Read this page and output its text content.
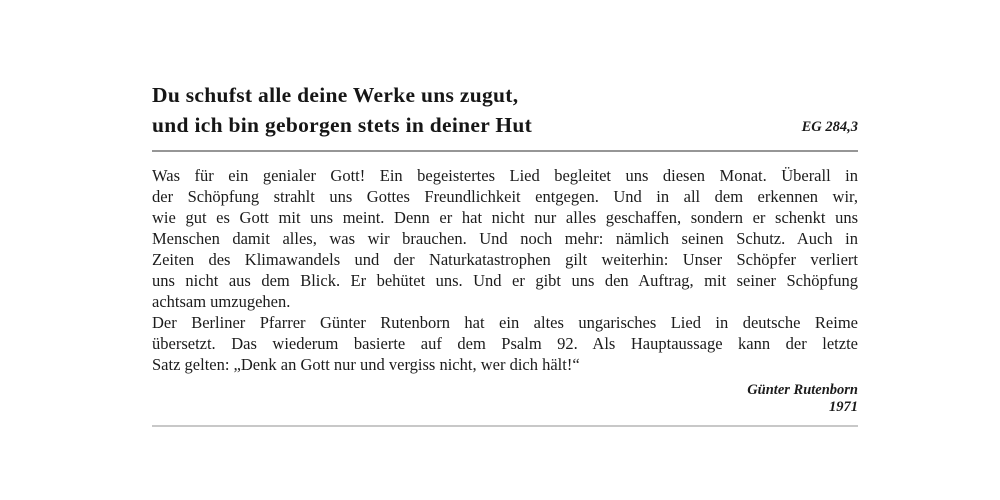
Du schufst alle deine Werke uns zugut,
und ich bin geborgen stets in deiner Hut	EG 284,3
Was für ein genialer Gott! Ein begeistertes Lied begleitet uns diesen Monat. Überall in
der Schöpfung strahlt uns Gottes Freundlichkeit entgegen. Und in all dem erkennen wir,
wie gut es Gott mit uns meint. Denn er hat nicht nur alles geschaffen, sondern er schenkt uns
Menschen damit alles, was wir brauchen. Und noch mehr: nämlich seinen Schutz. Auch in
Zeiten des Klimawandels und der Naturkatastrophen gilt weiterhin: Unser Schöpfer verliert
uns nicht aus dem Blick. Er behütet uns. Und er gibt uns den Auftrag, mit seiner Schöpfung
achtsam umzugehen.
Der Berliner Pfarrer Günter Rutenborn hat ein altes ungarisches Lied in deutsche Reime
übersetzt. Das wiederum basierte auf dem Psalm 92. Als Hauptaussage kann der letzte
Satz gelten: „Denk an Gott nur und vergiss nicht, wer dich hält!“
Günter Rutenborn
1971
